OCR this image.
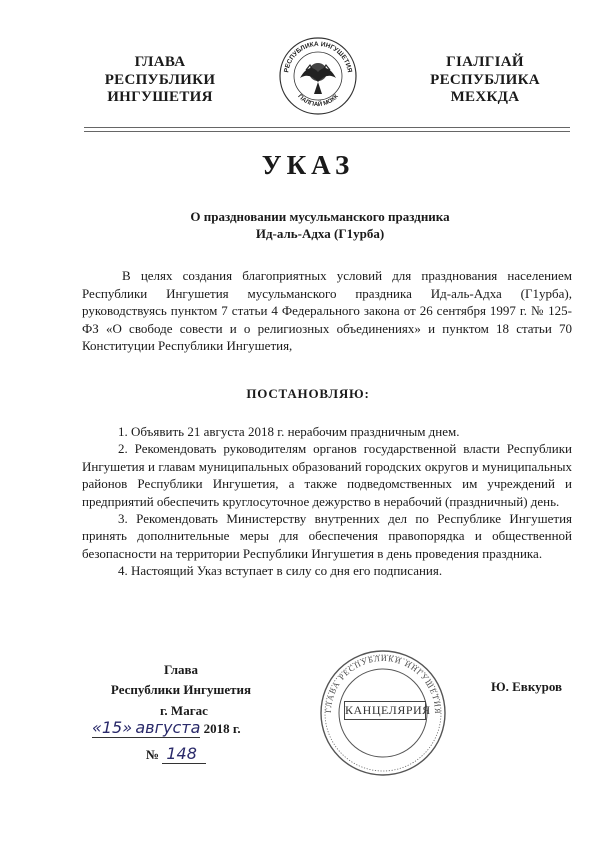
ГЛАВА
РЕСПУБЛИКИ
ИНГУШЕТИЯ
РЕСПУБЛИКА ИНГУШЕТИЯ
ГIАЛГIАЙ МОХК
ГIАЛГIАЙ
РЕСПУБЛИКА
МЕХКДА
УКАЗ
О праздновании мусульманского праздника
Ид-аль-Адха (Г1урба)
В целях создания благоприятных условий для празднования населением Республики Ингушетия мусульманского праздника Ид-аль-Адха (Г1урба), руководствуясь пунктом 7 статьи 4 Федерального закона от 26 сентября 1997 г. № 125-ФЗ «О свободе совести и о религиозных объединениях» и пунктом 18 статьи 70 Конституции Республики Ингушетия,
ПОСТАНОВЛЯЮ:

1. Объявить 21 августа 2018 г. нерабочим праздничным днем.

2. Рекомендовать руководителям органов государственной власти Республики Ингушетия и главам муниципальных образований городских округов и муниципальных районов Республики Ингушетия, а также подведомственных им учреждений и предприятий обеспечить круглосуточное дежурство в нерабочий (праздничный) день.

3. Рекомендовать Министерству внутренних дел по Республике Ингушетия принять дополнительные меры для обеспечения правопорядка и общественной безопасности на территории Республики Ингушетия в день проведения праздника.

4. Настоящий Указ вступает в силу со дня его подписания.

Глава
Республики Ингушетия
ГЛАВА РЕСПУБЛИКИ ИНГУШЕТИЯ
КАНЦЕЛЯРИЯ
Ю. Евкуров
г. Магас
«15» августа 2018 г.
№ 148
